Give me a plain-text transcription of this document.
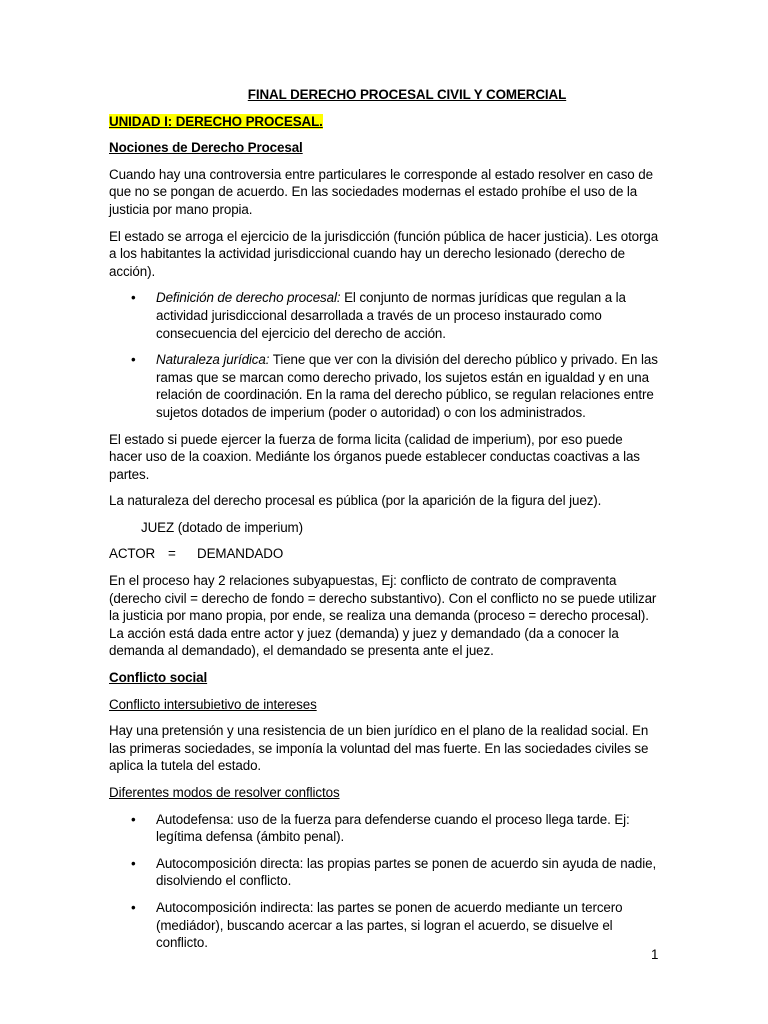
FINAL DERECHO PROCESAL CIVIL Y COMERCIAL
UNIDAD I: DERECHO PROCESAL.
Nociones de Derecho Procesal

Cuando hay una controversia entre particulares le corresponde al estado resolver en caso de que no se pongan de acuerdo. En las sociedades modernas el estado prohíbe el uso de la justicia por mano propia.

El estado se arroga el ejercicio de la jurisdicción (función pública de hacer justicia). Les otorga a los habitantes la actividad jurisdiccional cuando hay un derecho lesionado (derecho de acción).

• Definición de derecho procesal: El conjunto de normas jurídicas que regulan a la actividad jurisdiccional desarrollada a través de un proceso instaurado como consecuencia del ejercicio del derecho de acción.
• Naturaleza jurídica: Tiene que ver con la división del derecho público y privado. En las ramas que se marcan como derecho privado, los sujetos están en igualdad y en una relación de coordinación. En la rama del derecho público, se regulan relaciones entre sujetos dotados de imperium (poder o autoridad) o con los administrados.

El estado si puede ejercer la fuerza de forma licita (calidad de imperium), por eso puede hacer uso de la coaxion. Mediánte los órganos puede establecer conductas coactivas a las partes.

La naturaleza del derecho procesal es pública (por la aparición de la figura del juez).

JUEZ (dotado de imperium)

ACTOR =	DEMANDADO

En el proceso hay 2 relaciones subyapuestas, Ej: conflicto de contrato de compraventa (derecho civil = derecho de fondo = derecho substantivo). Con el conflicto no se puede utilizar la justicia por mano propia, por ende, se realiza una demanda (proceso = derecho procesal). La acción está dada entre actor y juez (demanda) y juez y demandado (da a conocer la demanda al demandado), el demandado se presenta ante el juez.

Conflicto social
Conflicto intersubietivo de intereses

Hay una pretensión y una resistencia de un bien jurídico en el plano de la realidad social. En las primeras sociedades, se imponía la voluntad del mas fuerte. En las sociedades civiles se aplica la tutela del estado.

Diferentes modos de resolver conflictos
• Autodefensa: uso de la fuerza para defenderse cuando el proceso llega tarde. Ej: legítima defensa (ámbito penal).
• Autocomposición directa: las propias partes se ponen de acuerdo sin ayuda de nadie, disolviendo el conflicto.
• Autocomposición indirecta: las partes se ponen de acuerdo mediante un tercero (mediádor), buscando acercar a las partes, si logran el acuerdo, se disuelve el conflicto.
1
